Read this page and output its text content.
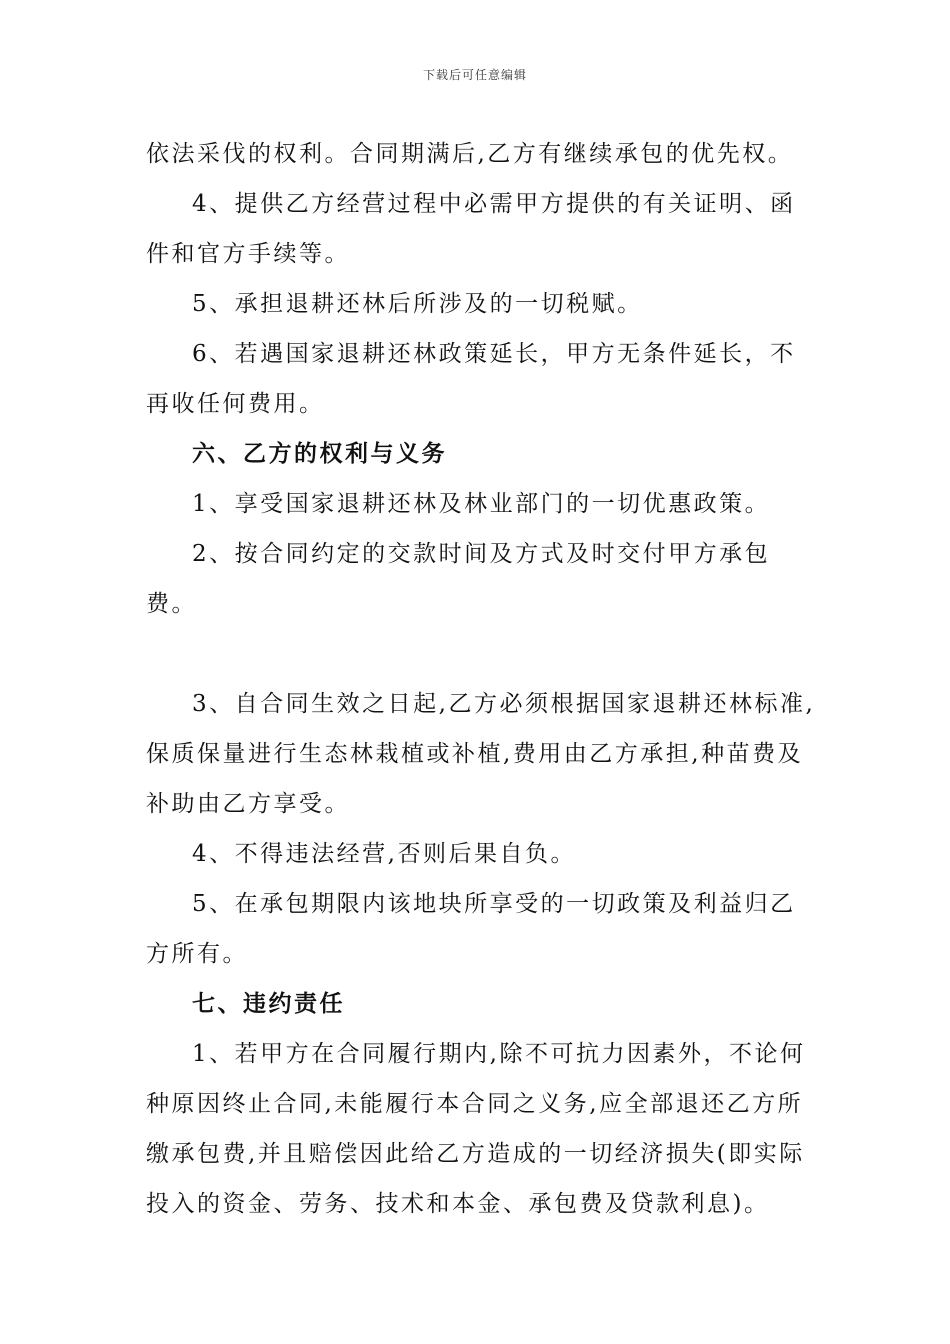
下载后可任意编辑

依法采伐的权利。合同期满后,乙方有继续承包的优先权。

4、提供乙方经营过程中必需甲方提供的有关证明、函件和官方手续等。

5、承担退耕还林后所涉及的一切税赋。

6、若遇国家退耕还林政策延长，甲方无条件延长，不再收任何费用。

六、乙方的权利与义务

1、享受国家退耕还林及林业部门的一切优惠政策。

2、按合同约定的交款时间及方式及时交付甲方承包费。

3、自合同生效之日起,乙方必须根据国家退耕还林标准,保质保量进行生态林栽植或补植,费用由乙方承担,种苗费及补助由乙方享受。

4、不得违法经营,否则后果自负。

5、在承包期限内该地块所享受的一切政策及利益归乙方所有。

七、违约责任

1、若甲方在合同履行期内,除不可抗力因素外，不论何种原因终止合同,未能履行本合同之义务,应全部退还乙方所缴承包费,并且赔偿因此给乙方造成的一切经济损失(即实际投入的资金、劳务、技术和本金、承包费及贷款利息)。
